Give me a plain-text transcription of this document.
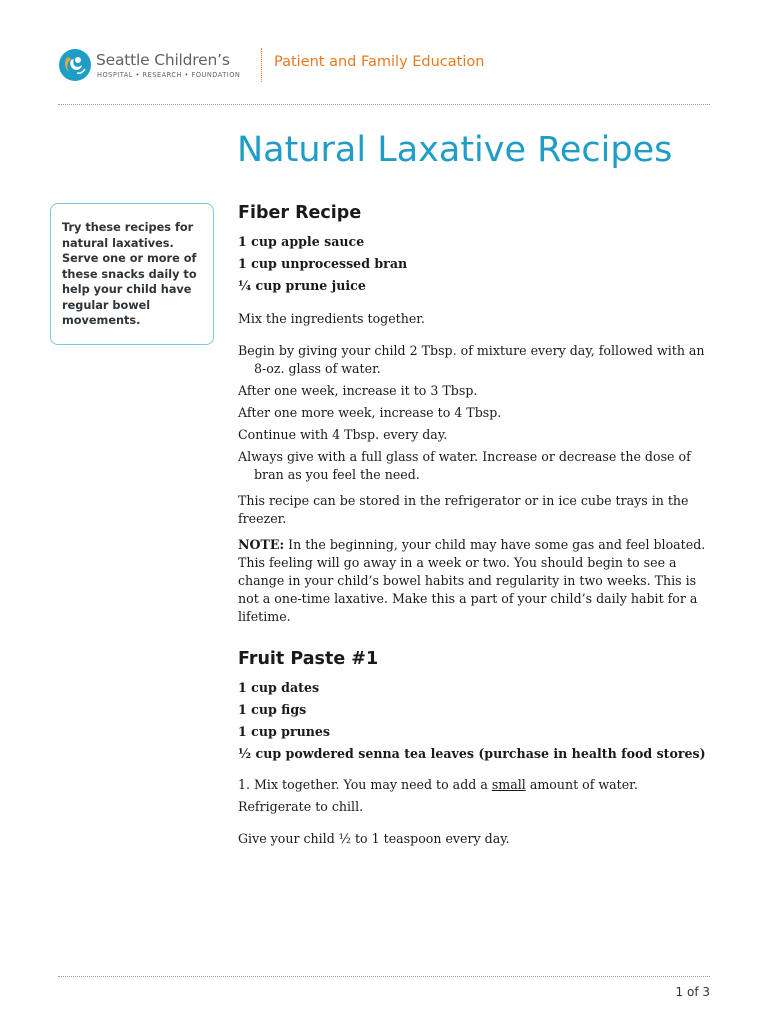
Seattle Children’s
HOSPITAL • RESEARCH • FOUNDATION
Patient and Family Education
Natural Laxative Recipes
Try these recipes for natural laxatives. Serve one or more of these snacks daily to help your child have regular bowel movements.
Fiber Recipe
1 cup apple sauce
1 cup unprocessed bran
¼ cup prune juice

Mix the ingredients together.

Begin by giving your child 2 Tbsp. of mixture every day, followed with an 8-oz. glass of water.

After one week, increase it to 3 Tbsp.

After one more week, increase to 4 Tbsp.

Continue with 4 Tbsp. every day.

Always give with a full glass of water. Increase or decrease the dose of bran as you feel the need.

This recipe can be stored in the refrigerator or in ice cube trays in the freezer.

NOTE: In the beginning, your child may have some gas and feel bloated. This feeling will go away in a week or two. You should begin to see a change in your child’s bowel habits and regularity in two weeks. This is not a one-time laxative. Make this a part of your child’s daily habit for a lifetime.

Fruit Paste #1
1 cup dates
1 cup figs
1 cup prunes
½ cup powdered senna tea leaves (purchase in health food stores)

1. Mix together. You may need to add a small amount of water.

Refrigerate to chill.

Give your child ½ to 1 teaspoon every day.

1 of 3
